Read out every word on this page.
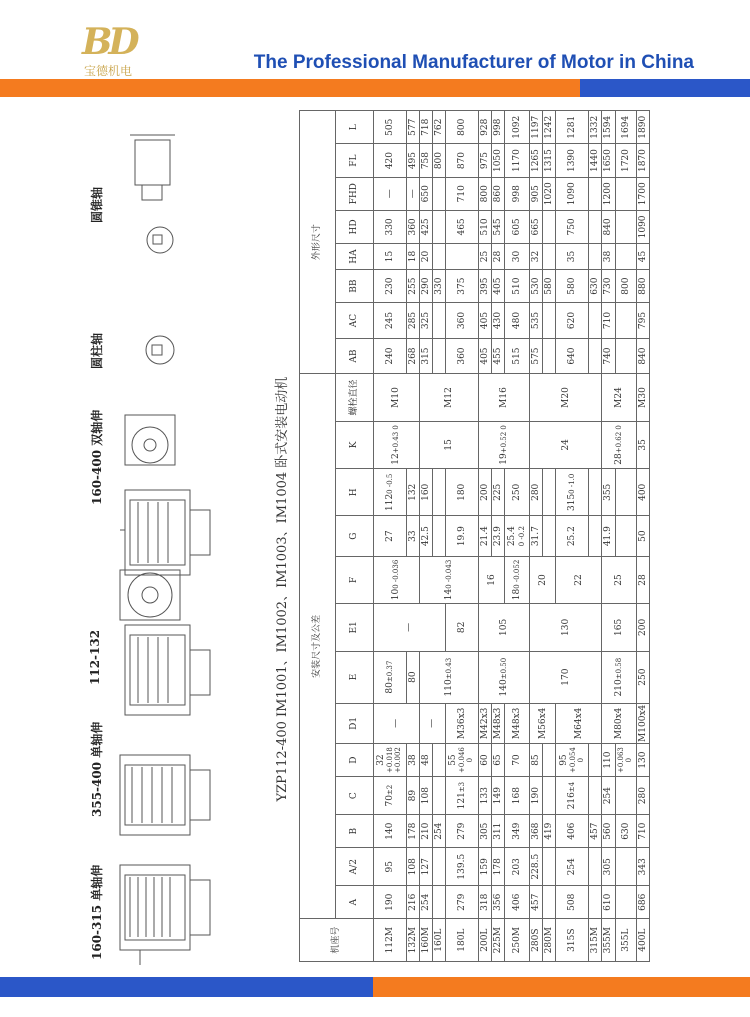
BD
宝德机电	The Professional Manufacturer of Motor in China
160-315 单轴伸
355-400 单轴伸
112-132
160-400 双轴伸
圆柱轴
圆锥轴
YZP112-400 IM1001、IM1002、IM1003、IM1004 卧式安装电动机																					
机座号	安装尺寸及公差													外形尺寸							
	A	A/2	B	C	D	D1	E	E1	F	G	H	K	螺栓直径	AB	AC	BB	HA	HD	FHD	FL	L
112M	190	95	140	70±2	32+0.018 +0.002	—	80±0.37	—	100 -0.036	27	1120 -0.5	12+0.43 0	M10	240	245	230	15	330	—	420	505
132M	216	108	178	89	38		80			33	132			268	285	255	18	360	—	495	577
160M	254	127	210	108	48	—	110±0.43		140 -0.043	42.5	160	15	M12	315	325	290	20	425	650	758	718
160L			254													330				800	762
180L	279	139.5	279	121±3	55+0.046 0	M36x3		82		19.9	180			360	360	375		465	710	870	800
200L	318	159	305	133	60	M42x3	140±0.50	105	16	21.4	200	19+0.52 0	M16	405	405	395	25	510	800	975	928
225M	356	178	311	149	65	M48x3				23.9	225			455	430	405	28	545	860	1050	998
250M	406	203	349	168	70	M48x3			180 -0.052	25.40 -0.2	250			515	480	510	30	605	998	1170	1092
280S	457	228.5	368	190	85	M56x4	170	130	20	31.7	280	24	M20	575	535	530	32	665	905	1265	1197
280M			419													580			1020	1315	1242
315S	508	254	406	216±4	95+0.054 0	M64x4			22	25.2	3150 -1.0			640	620	580	35	750	1090	1390	1281
315M			457													630				1440	1332
355M	610	305	560	254	110	M80x4	210±0.58	165	25	41.9	355	28+0.62 0	M24	740	710	730	38	840	1200	1650	1594
355L			630		+0.063 0											800				1720	1694
400L	686	343	710	280	130	M100x4	250	200	28	50	400	35	M30	840	795	880	45	1090	1700	1870	1890
